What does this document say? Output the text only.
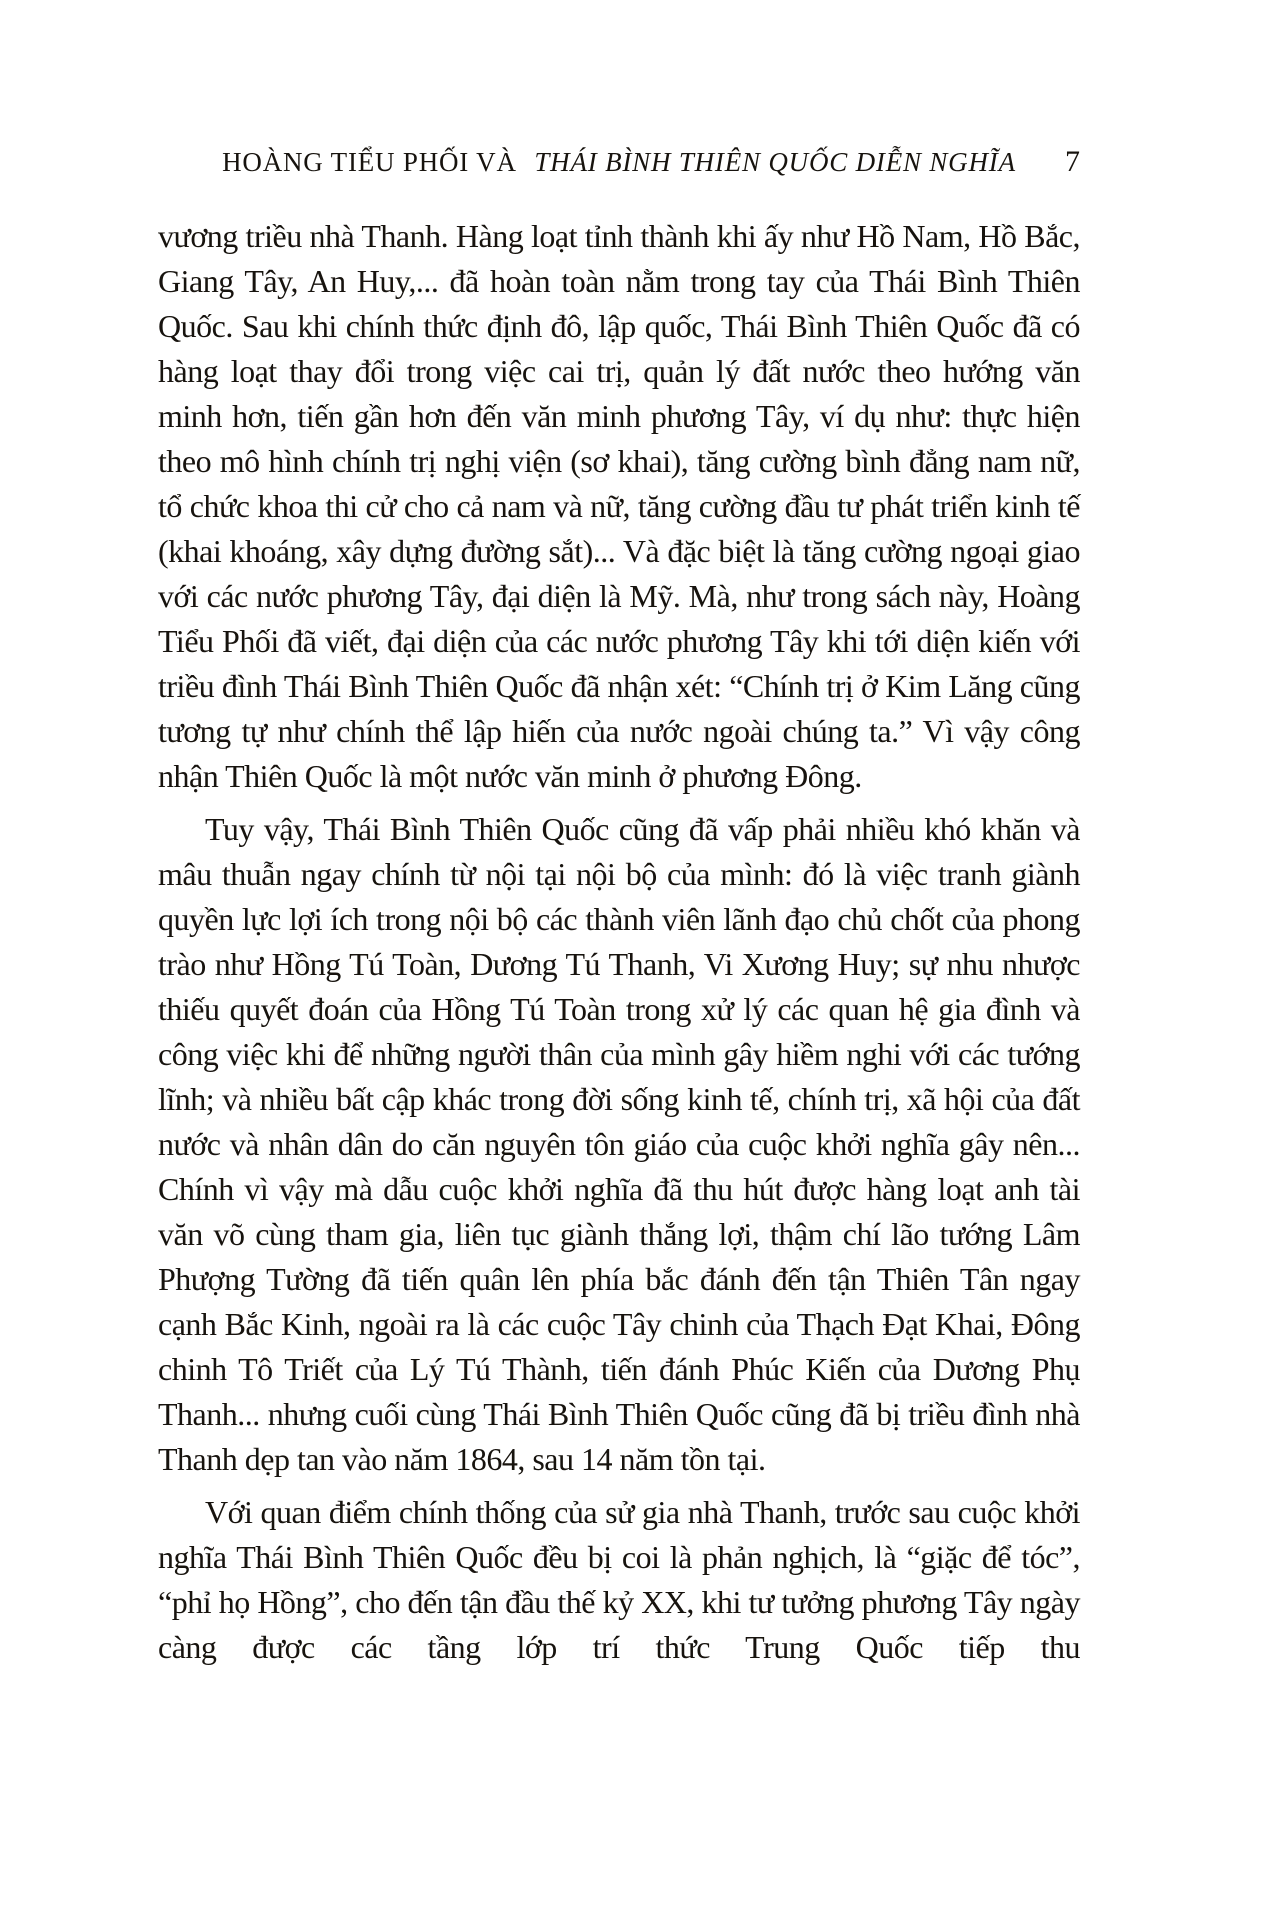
HOÀNG TIỂU PHỐI VÀ THÁI BÌNH THIÊN QUỐC DIỄN NGHĨA 7

vương triều nhà Thanh. Hàng loạt tỉnh thành khi ấy như Hồ Nam, Hồ Bắc, Giang Tây, An Huy,... đã hoàn toàn nằm trong tay của Thái Bình Thiên Quốc. Sau khi chính thức định đô, lập quốc, Thái Bình Thiên Quốc đã có hàng loạt thay đổi trong việc cai trị, quản lý đất nước theo hướng văn minh hơn, tiến gần hơn đến văn minh phương Tây, ví dụ như: thực hiện theo mô hình chính trị nghị viện (sơ khai), tăng cường bình đẳng nam nữ, tổ chức khoa thi cử cho cả nam và nữ, tăng cường đầu tư phát triển kinh tế (khai khoáng, xây dựng đường sắt)... Và đặc biệt là tăng cường ngoại giao với các nước phương Tây, đại diện là Mỹ. Mà, như trong sách này, Hoàng Tiểu Phối đã viết, đại diện của các nước phương Tây khi tới diện kiến với triều đình Thái Bình Thiên Quốc đã nhận xét: “Chính trị ở Kim Lăng cũng tương tự như chính thể lập hiến của nước ngoài chúng ta.” Vì vậy công nhận Thiên Quốc là một nước văn minh ở phương Đông.

Tuy vậy, Thái Bình Thiên Quốc cũng đã vấp phải nhiều khó khăn và mâu thuẫn ngay chính từ nội tại nội bộ của mình: đó là việc tranh giành quyền lực lợi ích trong nội bộ các thành viên lãnh đạo chủ chốt của phong trào như Hồng Tú Toàn, Dương Tú Thanh, Vi Xương Huy; sự nhu nhược thiếu quyết đoán của Hồng Tú Toàn trong xử lý các quan hệ gia đình và công việc khi để những người thân của mình gây hiềm nghi với các tướng lĩnh; và nhiều bất cập khác trong đời sống kinh tế, chính trị, xã hội của đất nước và nhân dân do căn nguyên tôn giáo của cuộc khởi nghĩa gây nên... Chính vì vậy mà dẫu cuộc khởi nghĩa đã thu hút được hàng loạt anh tài văn võ cùng tham gia, liên tục giành thắng lợi, thậm chí lão tướng Lâm Phượng Tường đã tiến quân lên phía bắc đánh đến tận Thiên Tân ngay cạnh Bắc Kinh, ngoài ra là các cuộc Tây chinh của Thạch Đạt Khai, Đông chinh Tô Triết của Lý Tú Thành, tiến đánh Phúc Kiến của Dương Phụ Thanh... nhưng cuối cùng Thái Bình Thiên Quốc cũng đã bị triều đình nhà Thanh dẹp tan vào năm 1864, sau 14 năm tồn tại.

Với quan điểm chính thống của sử gia nhà Thanh, trước sau cuộc khởi nghĩa Thái Bình Thiên Quốc đều bị coi là phản nghịch, là “giặc để tóc”, “phỉ họ Hồng”, cho đến tận đầu thế kỷ XX, khi tư tưởng phương Tây ngày càng được các tầng lớp trí thức Trung Quốc tiếp thu
